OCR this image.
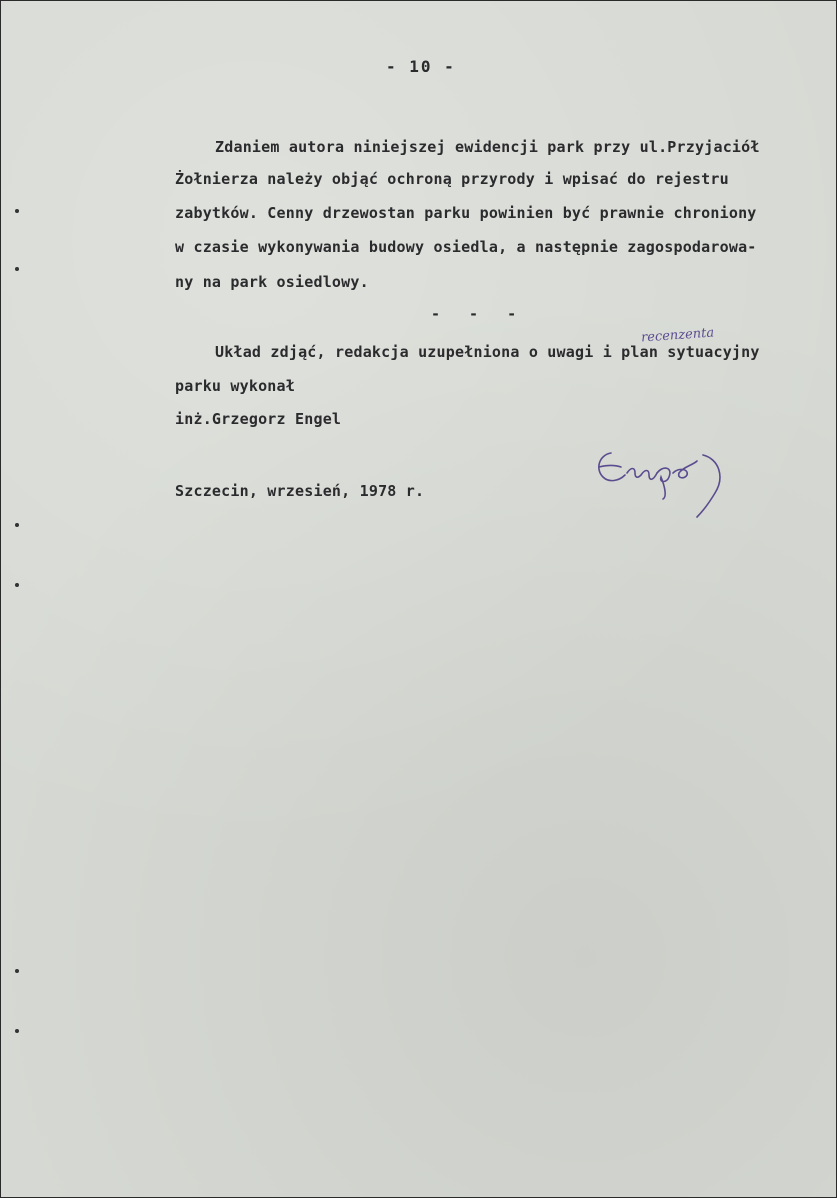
- 10 -
Zdaniem autora niniejszej ewidencji park przy ul.Przyjaciół
Żołnierza należy objąć ochroną przyrody i wpisać do rejestru
zabytków. Cenny drzewostan parku powinien być prawnie chroniony
w czasie wykonywania budowy osiedla, a następnie zagospodarowa-
ny na park osiedlowy.
- - -
recenzenta
Układ zdjąć, redakcja uzupełniona o uwagi i plan sytuacyjny
parku wykonał
inż.Grzegorz Engel
Szczecin, wrzesień, 1978 r.
